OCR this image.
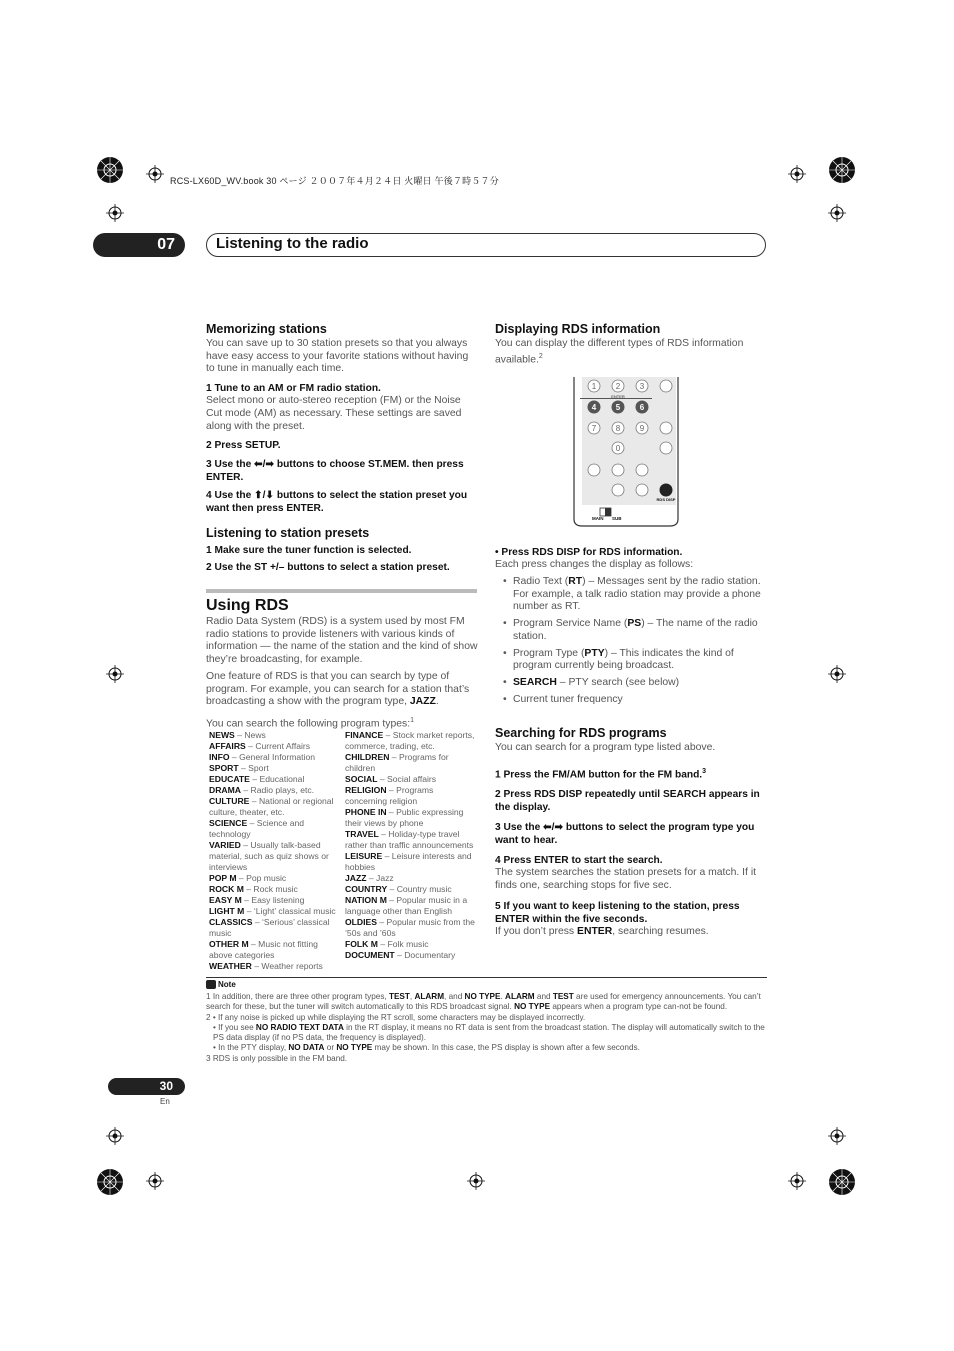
RCS-LX60D_WV.book 30 ページ ２００７年４月２４日 火曜日 午後７時５７分
07	Listening to the radio
Memorizing stations

You can save up to 30 station presets so that you always have easy access to your favorite stations without having to tune in manually each time.

1 Tune to an AM or FM radio station.

Select mono or auto-stereo reception (FM) or the Noise Cut mode (AM) as necessary. These settings are saved along with the preset.

2 Press SETUP.
3 Use the ⬅/➡ buttons to choose ST.MEM. then press ENTER.
4 Use the ⬆/⬇ buttons to select the station preset you want then press ENTER.
Listening to station presets
1 Make sure the tuner function is selected.
2 Use the ST +/– buttons to select a station preset.
Using RDS

Radio Data System (RDS) is a system used by most FM radio stations to provide listeners with various kinds of information — the name of the station and the kind of show they’re broadcasting, for example.

One feature of RDS is that you can search by type of program. For example, you can search for a station that’s broadcasting a show with the program type, JAZZ.

You can search the following program types:$^1$

NEWS – News
AFFAIRS – Current Affairs
INFO – General Information
SPORT – Sport
EDUCATE – Educational
DRAMA – Radio plays, etc.
CULTURE – National or regional culture, theater, etc.
SCIENCE – Science and technology
VARIED – Usually talk-based material, such as quiz shows or interviews
POP M – Pop music
ROCK M – Rock music
EASY M – Easy listening
LIGHT M – ‘Light’ classical music
CLASSICS – ‘Serious’ classical music
OTHER M – Music not fitting above categories
WEATHER – Weather reports
FINANCE – Stock market reports, commerce, trading, etc.
CHILDREN – Programs for children
SOCIAL – Social affairs
RELIGION – Programs concerning religion
PHONE IN – Public expressing their views by phone
TRAVEL – Holiday-type travel rather than traffic announcements
LEISURE – Leisure interests and hobbies
JAZZ – Jazz
COUNTRY – Country music
NATION M – Popular music in a language other than English
OLDIES – Popular music from the ’50s and ’60s
FOLK M – Folk music
DOCUMENT – Documentary
Displaying RDS information

You can display the different types of RDS information available.$^2$

ENTER
RDS DISP
MAIN SUB
1 2 3
4 5 6
7 8 9
0
• Press RDS DISP for RDS information.

Each press changes the display as follows:

• Radio Text (RT) – Messages sent by the radio station. For example, a talk radio station may provide a phone number as RT.
• Program Service Name (PS) – The name of the radio station.
• Program Type (PTY) – This indicates the kind of program currently being broadcast.
• SEARCH – PTY search (see below)
• Current tuner frequency
Searching for RDS programs

You can search for a program type listed above.

1 Press the FM/AM button for the FM band.$^3$
2 Press RDS DISP repeatedly until SEARCH appears in the display.
3 Use the ⬅/➡ buttons to select the program type you want to hear.
4 Press ENTER to start the search.

The system searches the station presets for a match. If it finds one, searching stops for five sec.

5 If you want to keep listening to the station, press ENTER within the five seconds.

If you don’t press ENTER, searching resumes.

Note
1 In addition, there are three other program types, TEST, ALARM, and NO TYPE. ALARM and TEST are used for emergency announcements. You can’t search for these, but the tuner will switch automatically to this RDS broadcast signal. NO TYPE appears when a program type can-not be found.
2 • If any noise is picked up while displaying the RT scroll, some characters may be displayed incorrectly.
• If you see NO RADIO TEXT DATA in the RT display, it means no RT data is sent from the broadcast station. The display will automatically switch to the PS data display (if no PS data, the frequency is displayed).
• In the PTY display, NO DATA or NO TYPE may be shown. In this case, the PS display is shown after a few seconds.
3 RDS is only possible in the FM band.
30
En
